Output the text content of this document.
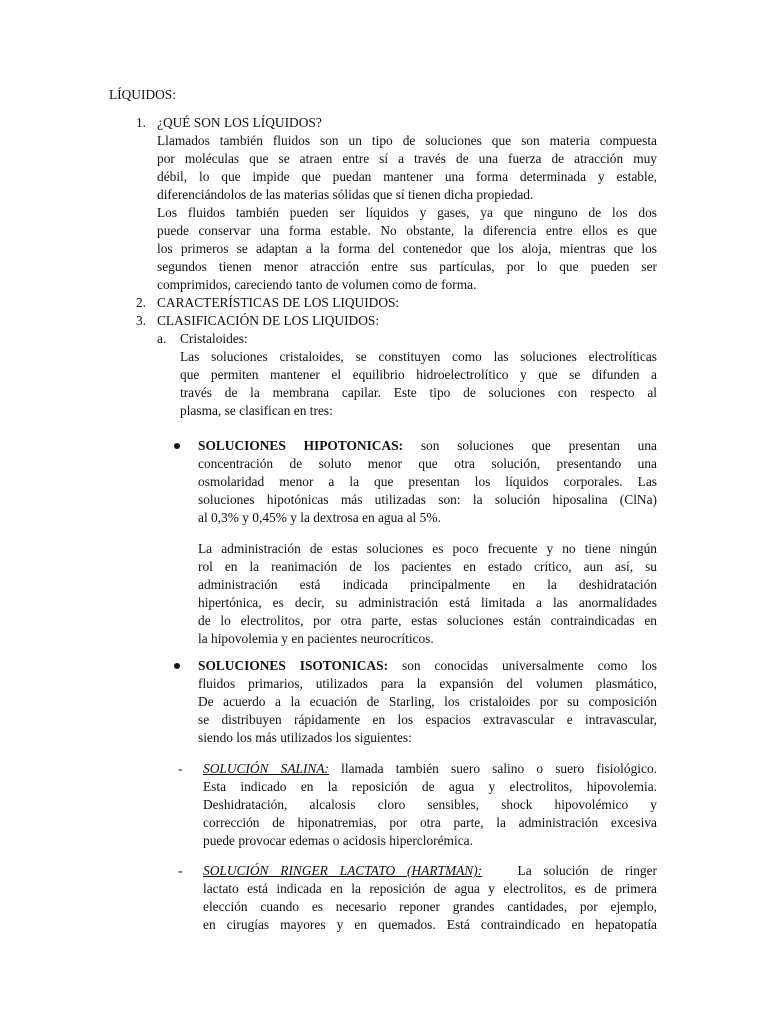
LÍQUIDOS:
1. ¿QUÉ SON LOS LÍQUIDOS?
Llamados también fluidos son un tipo de soluciones que son materia compuesta
por moléculas que se atraen entre sí a través de una fuerza de atracción muy
débil, lo que impide que puedan mantener una forma determinada y estable,
diferenciándolos de las materias sólidas que sí tienen dicha propiedad.
Los fluidos también pueden ser líquidos y gases, ya que ninguno de los dos
puede conservar una forma estable. No obstante, la diferencia entre ellos es que
los primeros se adaptan a la forma del contenedor que los aloja, mientras que los
segundos tienen menor atracción entre sus partículas, por lo que pueden ser
comprimidos, careciendo tanto de volumen como de forma.
2. CARACTERÍSTICAS DE LOS LIQUIDOS:
3. CLASIFICACIÓN DE LOS LIQUIDOS:
a. Cristaloides:
Las soluciones cristaloides, se constituyen como las soluciones electrolíticas
que permiten mantener el equilibrio hidroelectrolítico y que se difunden a
través de la membrana capilar. Este tipo de soluciones con respecto al
plasma, se clasifican en tres:
SOLUCIONES HIPOTONICAS: son soluciones que presentan una
concentración de soluto menor que otra solución, presentando una
osmolaridad menor a la que presentan los líquidos corporales. Las
soluciones hipotónicas más utilizadas son: la solución hiposalina (ClNa)
al 0,3% y 0,45% y la dextrosa en agua al 5%.
La administración de estas soluciones es poco frecuente y no tiene ningún
rol en la reanimación de los pacientes en estado crítico, aun así, su
administración está indicada principalmente en la deshidratación
hipertónica, es decir, su administración está limitada a las anormalidades
de lo electrolitos, por otra parte, estas soluciones están contraindicadas en
la hipovolemia y en pacientes neurocríticos.
SOLUCIONES ISOTONICAS: son conocidas universalmente como los
fluidos primarios, utilizados para la expansión del volumen plasmático,
De acuerdo a la ecuación de Starling, los cristaloides por su composición
se distribuyen rápidamente en los espacios extravascular e intravascular,
siendo los más utilizados los siguientes:
- SOLUCIÓN SALINA: llamada también suero salino o suero fisiológico.
Esta indicado en la reposición de agua y electrolitos, hipovolemia.
Deshidratación, alcalosis cloro sensibles, shock hipovolémico y
corrección de hiponatremias, por otra parte, la administración excesiva
puede provocar edemas o acidosis hiperclorémica.
- SOLUCIÓN RINGER LACTATO (HARTMAN):	La solución de ringer
lactato está indicada en la reposición de agua y electrolitos, es de primera
elección cuando es necesario reponer grandes cantidades, por ejemplo,
en cirugías mayores y en quemados. Está contraindicado en hepatopatía
